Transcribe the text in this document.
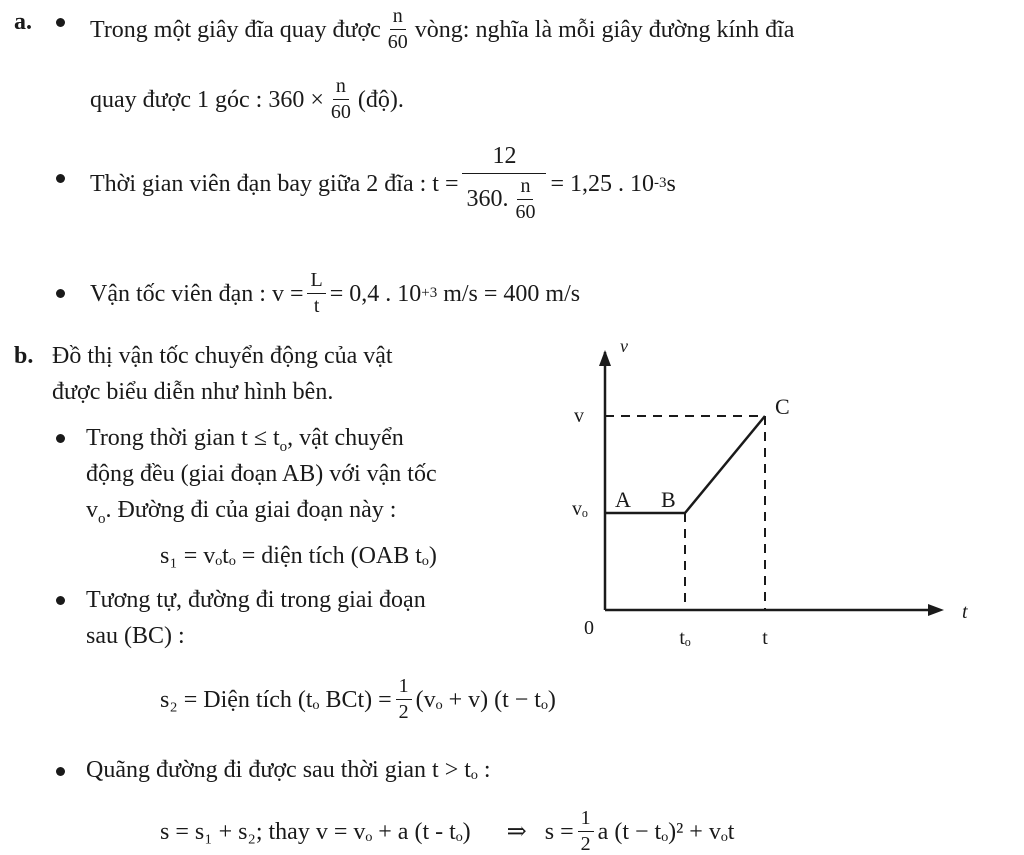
a. Trong một giây đĩa quay được $\frac{n}{60}$ vòng: nghĩa là mỗi giây đường kính đĩa
quay được 1 góc : $360 \times \frac{n}{60}$ (độ).
Thời gian viên đạn bay giữa 2 đĩa : $t = \frac{12}{360. \frac{n}{60}} = 1,25$ . 10 -3 s
Vận tốc viên đạn : $v = \frac{L}{t} = 0,4$ . 10 +3 m/s = 400 m/s
b. Đồ thị vận tốc chuyển động của vật
được biểu diễn như hình bên.
Trong thời gian $t \le t_o$, vật chuyển
động đều (giai đoạn AB) với vận tốc
$v_o$. Đường đi của giai đoạn này :
s₁ = vₒtₒ = diện tích (OAB tₒ)
Tương tự, đường đi trong giai đoạn
sau (BC) :
s₂ = Diện tích (tₒ $BCt) = \frac{1}{2} (v_o + v) (t - t_o)$
Quãng đường đi được sau thời gian t > tₒ :
s = s₁ + s₂; thay v = vₒ + a (t - tₒ)      ⇒   $s = \frac{1}{2}$ a (t − tₒ)² + vₒt
v
t
0
v
vₒ
tₒ	t
A B
C
